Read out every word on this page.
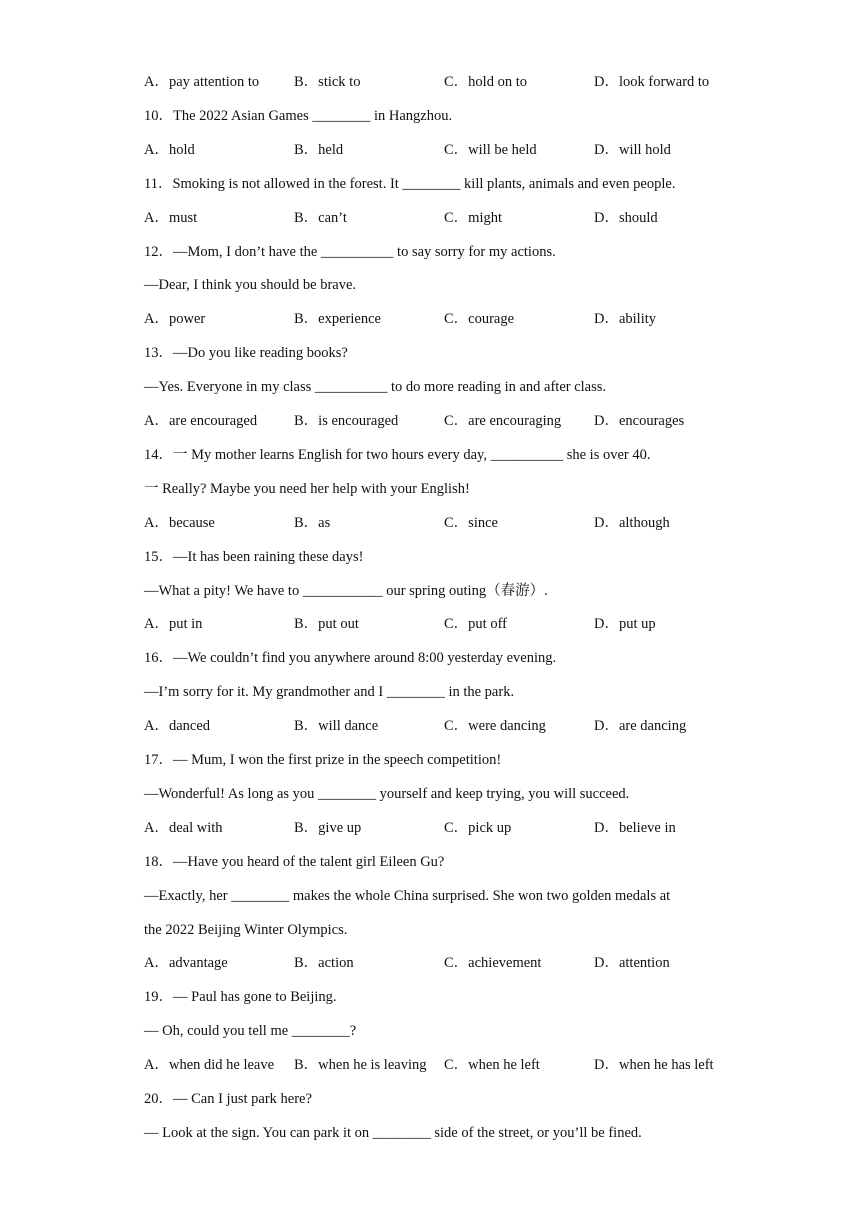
A．pay attention to B．stick to	C．hold on to	D．look forward to
10．The 2022 Asian Games ________ in Hangzhou.
A．hold	B．held	C．will be held	D．will hold
11．Smoking is not allowed in the forest. It ________ kill plants, animals and even people.
A．must	B．can’t	C．might	D．should
12．—Mom, I don’t have the __________ to say sorry for my actions.
—Dear, I think you should be brave.
A．power	B．experience	C．courage	D．ability
13．—Do you like reading books?
—Yes. Everyone in my class __________ to do more reading in and after class.
A．are encouraged	B．is encouraged	C．are encouraging D．encourages
14．一 My mother learns English for two hours every day, __________ she is over 40.
一 Really? Maybe you need her help with your English!
A．because	B．as	C．since	D．although
15．—It has been raining these days!
—What a pity! We have to ___________ our spring outing（春游）.
A．put in	B．put out	C．put off	D．put up
16．—We couldn’t find you anywhere around 8:00 yesterday evening.
—I’m sorry for it. My grandmother and I ________ in the park.
A．danced	B．will dance	C．were dancing	D．are dancing
17．— Mum, I won the first prize in the speech competition!
—Wonderful! As long as you ________ yourself and keep trying, you will succeed.
A．deal with	B．give up	C．pick up	D．believe in
18．—Have you heard of the talent girl Eileen Gu?
—Exactly, her ________ makes the whole China surprised. She won two golden medals at
the 2022 Beijing Winter Olympics.
A．advantage	B．action	C．achievement	D．attention
19．— Paul has gone to Beijing.
— Oh, could you tell me ________?
A．when did he leave B．when he is leaving C．when he left	D．when he has left
20．— Can I just park here?
— Look at the sign. You can park it on ________ side of the street, or you’ll be fined.
